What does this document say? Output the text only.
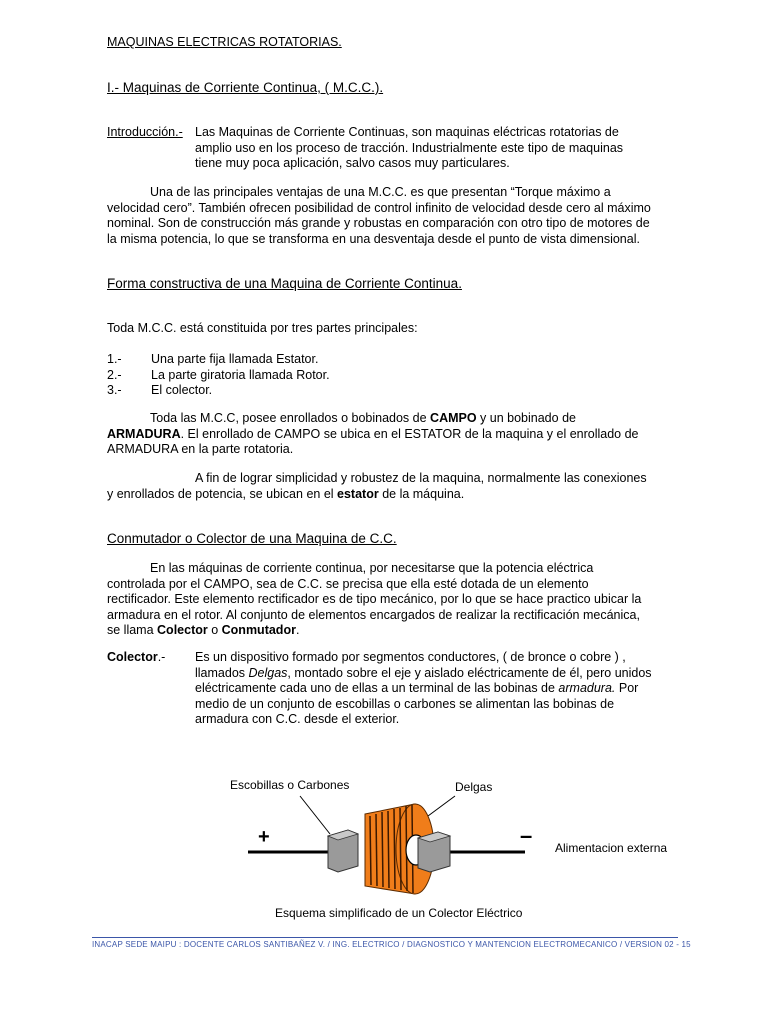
MAQUINAS ELECTRICAS ROTATORIAS.
I.- Maquinas de Corriente Continua, ( M.C.C.).
Introducción.- Las Maquinas de Corriente Continuas, son maquinas eléctricas rotatorias de
amplio uso en los proceso de tracción. Industrialmente este tipo de maquinas
tiene muy poca aplicación, salvo casos muy particulares.
Una de las principales ventajas de una M.C.C. es que presentan “Torque máximo a
velocidad cero”. También ofrecen posibilidad de control infinito de velocidad desde cero al máximo
nominal. Son de construcción más grande y robustas en comparación con otro tipo de motores de
la misma potencia, lo que se transforma en una desventaja desde el punto de vista dimensional.
Forma constructiva de una Maquina de Corriente Continua.
Toda M.C.C. está constituida por tres partes principales:
1.- Una parte fija llamada Estator.
2.- La parte giratoria llamada Rotor.
3.- El colector.
Toda las M.C.C, posee enrollados o bobinados de CAMPO y un bobinado de
ARMADURA. El enrollado de CAMPO se ubica en el ESTATOR de la maquina y el enrollado de
ARMADURA en la parte rotatoria.
A fin de lograr simplicidad y robustez de la maquina, normalmente las conexiones
y enrollados de potencia, se ubican en el estator de la máquina.
Conmutador o Colector de una Maquina de C.C.
En las máquinas de corriente continua, por necesitarse que la potencia eléctrica
controlada por el CAMPO, sea de C.C. se precisa que ella esté dotada de un elemento
rectificador. Este elemento rectificador es de tipo mecánico, por lo que se hace practico ubicar la
armadura en el rotor. Al conjunto de elementos encargados de realizar la rectificación mecánica,
se llama Colector o Conmutador.
Colector.- Es un dispositivo formado por segmentos conductores, ( de bronce o cobre ) ,
llamados Delgas, montado sobre el eje y aislado eléctricamente de él, pero unidos
eléctricamente cada uno de ellas a un terminal de las bobinas de armadura. Por
medio de un conjunto de escobillas o carbones se alimentan las bobinas de
armadura con C.C. desde el exterior.
Escobillas o Carbones	Delgas
+	– Alimentacion externa
Esquema simplificado de un Colector Eléctrico
INACAP SEDE MAIPU : DOCENTE CARLOS SANTIBAÑEZ V. / ING. ELECTRICO / DIAGNOSTICO Y MANTENCION ELECTROMECANICO / VERSION 02 - 15
